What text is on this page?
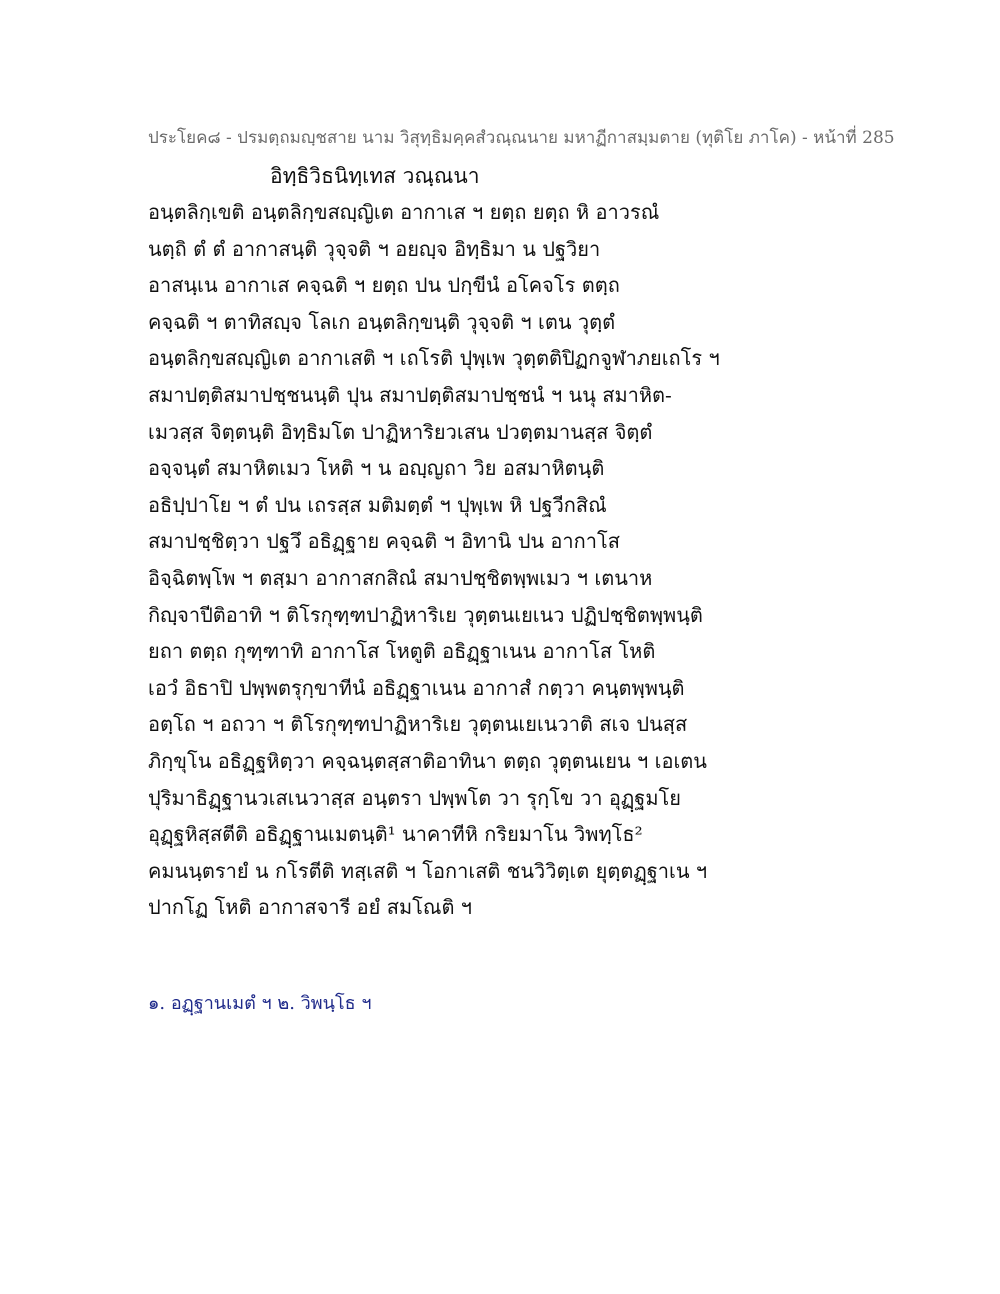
ประโยค๘ - ปรมตฺถมญฺชสาย นาม วิสุทฺธิมคฺคสํวณฺณนาย มหาฏีกาสมฺมตาย (ทุติโย ภาโค) - หน้าที่ 285
อิทฺธิวิธนิทฺเทส วณฺณนา
อนฺตลิกฺเขติ อนฺตลิกฺขสญฺญิเต อากาเส ฯ ยตฺถ ยตฺถ หิ อาวรณํ
นตฺถิ ตํ ตํ อากาสนฺติ วุจฺจติ ฯ อยญฺจ อิทฺธิมา น ปฐวิยา
อาสนฺเน อากาเส คจฺฉติ ฯ ยตฺถ ปน ปกฺขีนํ อโคจโร ตตฺถ
คจฺฉติ ฯ ตาทิสญฺจ โลเก อนฺตลิกฺขนฺติ วุจฺจติ ฯ เตน วุตฺตํ
อนฺตลิกฺขสญฺญิเต อากาเสติ ฯ เถโรติ ปุพฺเพ วุตฺตติปิฏกจูฬาภยเถโร ฯ
สมาปตฺติสมาปชฺชนนฺติ ปุน สมาปตฺติสมาปชฺชนํ ฯ นนุ สมาหิต-
เมวสฺส จิตฺตนฺติ อิทฺธิมโต ปาฏิหาริยวเสน ปวตฺตมานสฺส จิตฺตํ
อจฺจนฺตํ สมาหิตเมว โหติ ฯ น อญฺญถา วิย อสมาหิตนฺติ
อธิปฺปาโย ฯ ตํ ปน เถรสฺส มติมตฺตํ ฯ ปุพฺเพ หิ ปฐวีกสิณํ
สมาปชฺชิตฺวา ปฐวึ อธิฏฺฐาย คจฺฉติ ฯ อิทานิ ปน อากาโส
อิจฺฉิตพฺโพ ฯ ตสฺมา อากาสกสิณํ สมาปชฺชิตพฺพเมว ฯ เตนาห
กิญฺจาปีติอาทิ ฯ ติโรกุฑฺฑปาฏิหาริเย วุตฺตนเยเนว ปฏิปชฺชิตพฺพนฺติ
ยถา ตตฺถ กุฑฺฑาทิ อากาโส โหตูติ อธิฏฺฐาเนน อากาโส โหติ
เอวํ อิธาปิ ปพฺพตรุกฺขาทีนํ อธิฏฺฐาเนน อากาสํ กตฺวา คนฺตพฺพนฺติ
อตฺโถ ฯ อถวา ฯ ติโรกุฑฺฑปาฏิหาริเย วุตฺตนเยเนวาติ สเจ ปนสฺส
ภิกฺขุโน อธิฏฺฐหิตฺวา คจฺฉนฺตสฺสาติอาทินา ตตฺถ วุตฺตนเยน ฯ เอเตน
ปุริมาธิฏฺฐานวเสเนวาสฺส อนฺตรา ปพฺพโต วา รุกฺโข วา อุฏฺฐมโย
อุฏฺฐหิสฺสตีติ อธิฏฺฐานเมตนฺติ¹ นาคาทีหิ กริยมาโน วิพทฺโธ²
คมนนฺตรายํ น กโรตีติ ทสฺเสติ ฯ โอกาเสติ ชนวิวิตฺเต ยุตฺตฏฺฐาเน ฯ
ปากโฏ โหติ อากาสจารี อยํ สมโณติ ฯ
๑. อฏฺฐานเมตํ ฯ ๒. วิพนฺโธ ฯ
